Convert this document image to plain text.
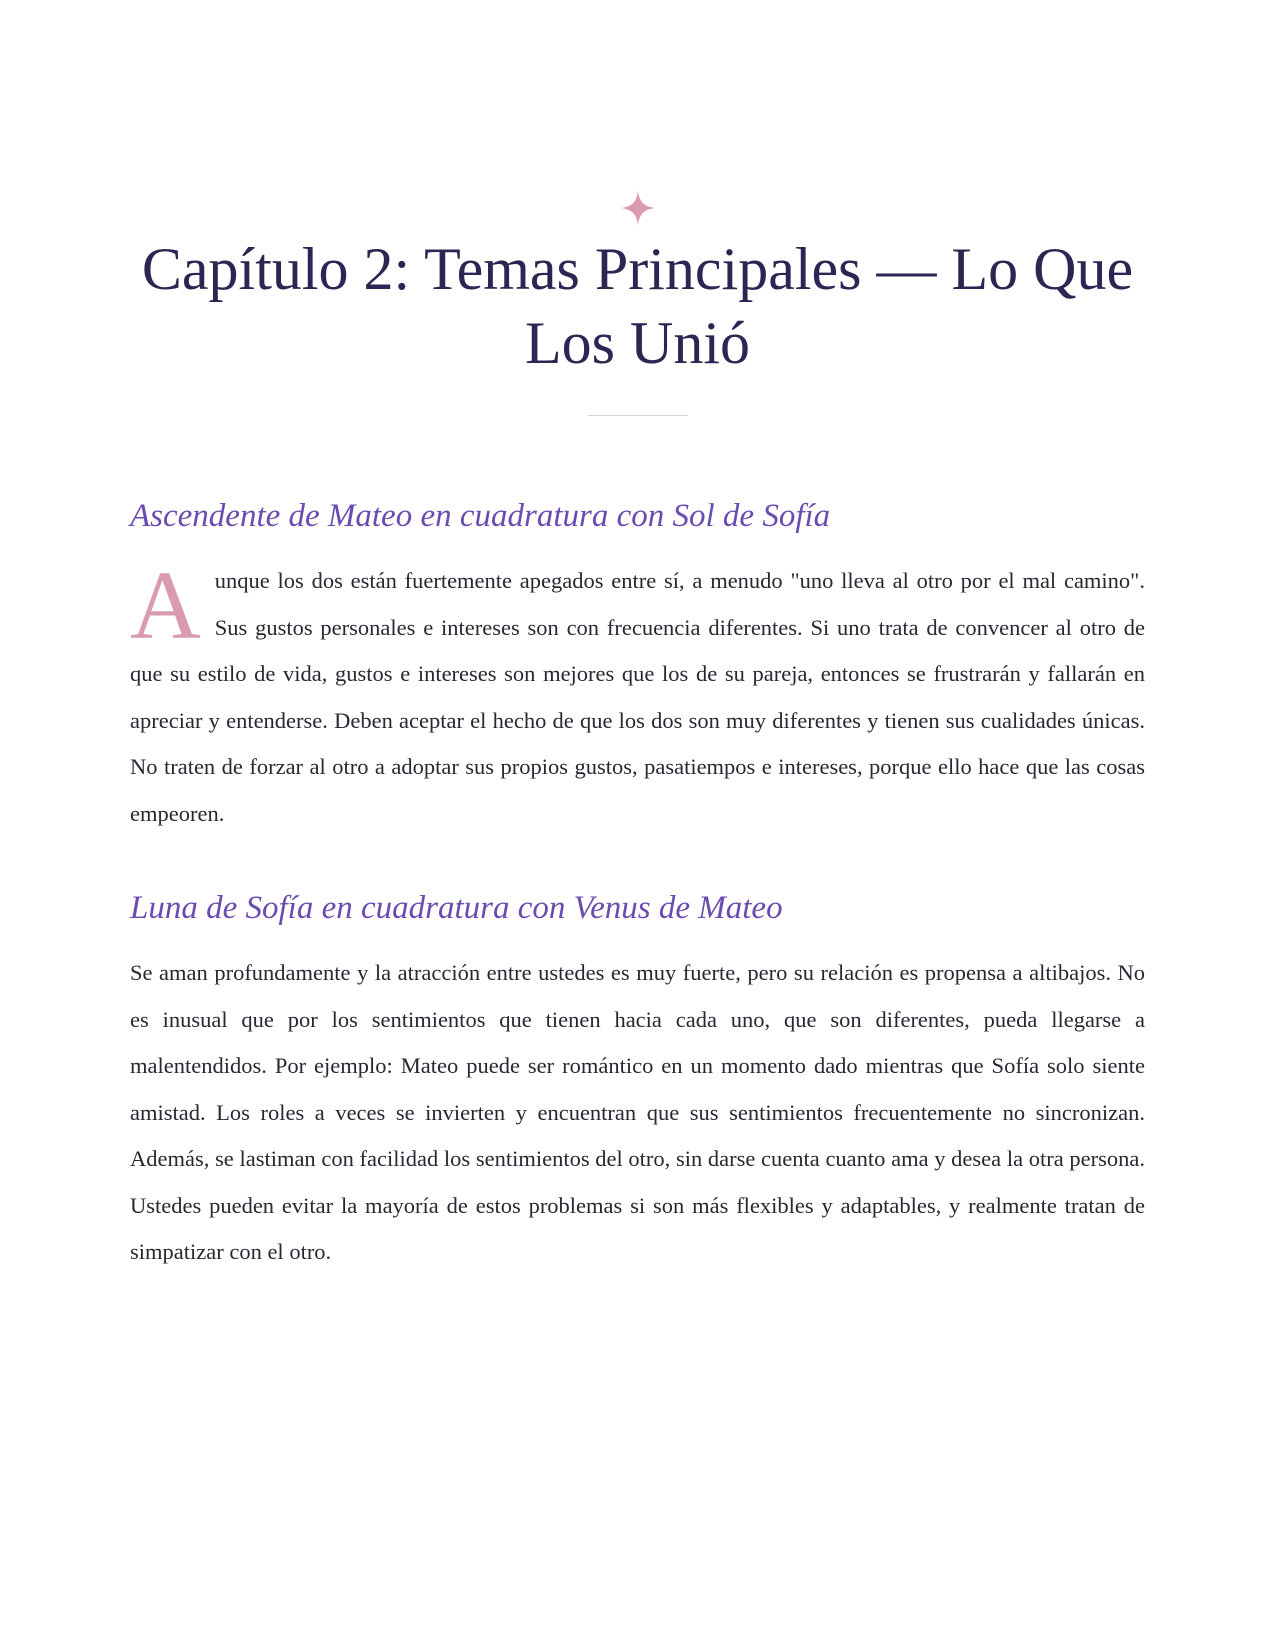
Capítulo 2: Temas Principales — Lo Que Los Unió
Ascendente de Mateo en cuadratura con Sol de Sofía

Aunque los dos están fuertemente apegados entre sí, a menudo "uno lleva al otro por el mal camino". Sus gustos personales e intereses son con frecuencia diferentes. Si uno trata de convencer al otro de que su estilo de vida, gustos e intereses son mejores que los de su pareja, entonces se frustrarán y fallarán en apreciar y entenderse. Deben aceptar el hecho de que los dos son muy diferentes y tienen sus cualidades únicas. No traten de forzar al otro a adoptar sus propios gustos, pasatiempos e intereses, porque ello hace que las cosas empeoren.

Luna de Sofía en cuadratura con Venus de Mateo

Se aman profundamente y la atracción entre ustedes es muy fuerte, pero su relación es propensa a altibajos. No es inusual que por los sentimientos que tienen hacia cada uno, que son diferentes, pueda llegarse a malentendidos. Por ejemplo: Mateo puede ser romántico en un momento dado mientras que Sofía solo siente amistad. Los roles a veces se invierten y encuentran que sus sentimientos frecuentemente no sincronizan. Además, se lastiman con facilidad los sentimientos del otro, sin darse cuenta cuanto ama y desea la otra persona. Ustedes pueden evitar la mayoría de estos problemas si son más flexibles y adaptables, y realmente tratan de simpatizar con el otro.
